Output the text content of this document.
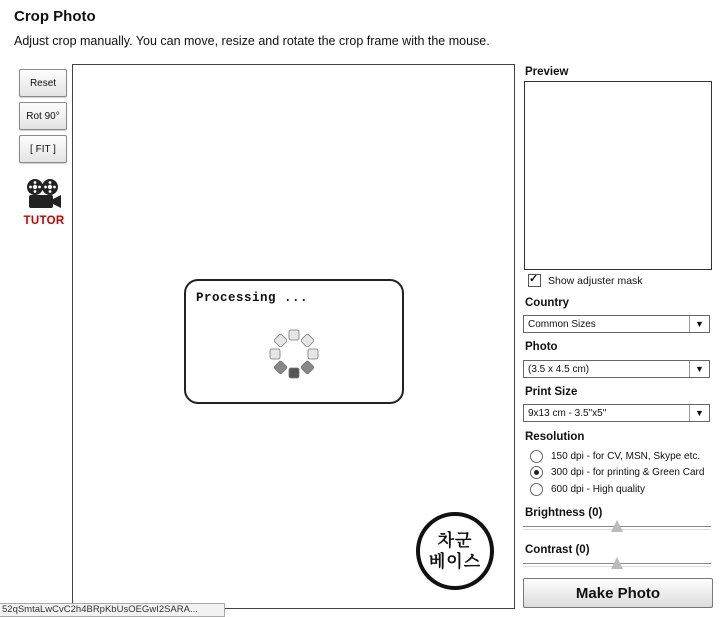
Crop Photo
Adjust crop manually. You can move, resize and rotate the crop frame with the mouse.
Reset
Rot 90°
[ FIT ]
TUTOR
Processing ...
차군
베이스
Preview
✓ Show adjuster mask
Country
Common Sizes	▼
Photo
(3.5 x 4.5 cm)	▼
Print Size
9x13 cm - 3.5"x5"	▼
Resolution
150 dpi - for CV, MSN, Skype etc.
300 dpi - for printing & Green Card
600 dpi - High quality
Brightness (0)
Contrast (0)
Make Photo
52qSmtaLwCvC2h4BRpKbUsOEGwI2SARA...
